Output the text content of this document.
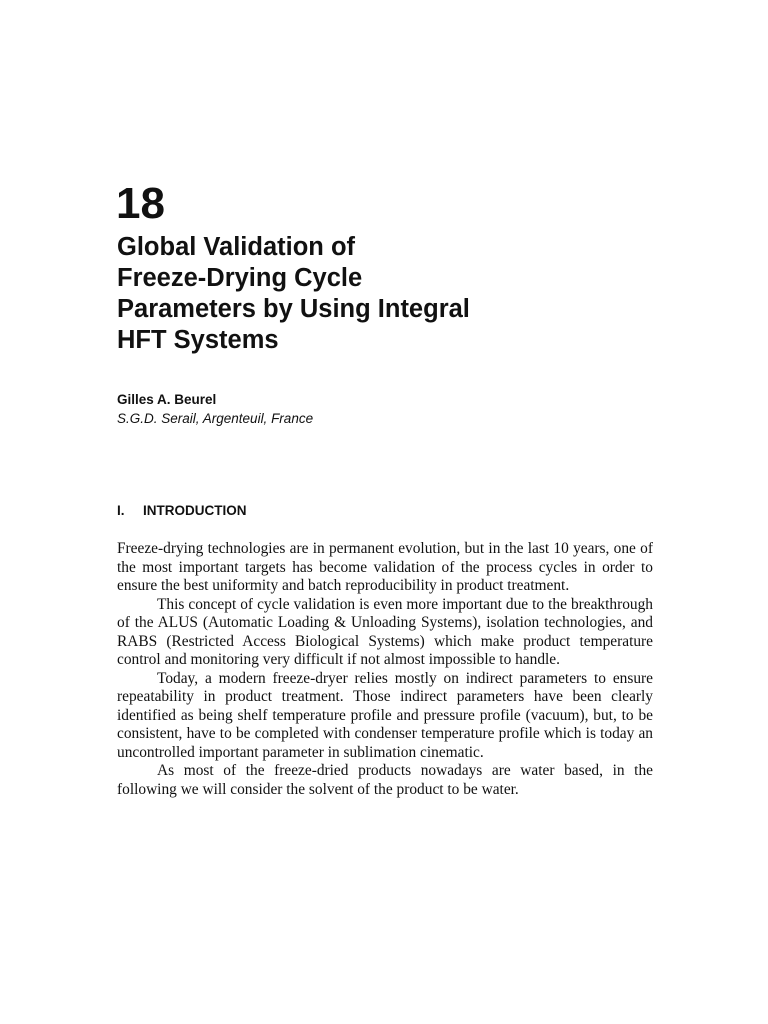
18
Global Validation of
Freeze-Drying Cycle
Parameters by Using Integral
HFT Systems

Gilles A. Beurel

S.G.D. Serail, Argenteuil, France

I. INTRODUCTION

Freeze-drying technologies are in permanent evolution, but in the last 10 years, one of the most important targets has become validation of the process cycles in order to ensure the best uniformity and batch reproducibility in product treatment.

This concept of cycle validation is even more important due to the breakthrough of the ALUS (Automatic Loading & Unloading Systems), isolation technologies, and RABS (Restricted Access Biological Systems) which make product temperature control and monitoring very difficult if not almost impossible to handle.

Today, a modern freeze-dryer relies mostly on indirect parameters to ensure repeatability in product treatment. Those indirect parameters have been clearly identified as being shelf temperature profile and pressure profile (vacuum), but, to be consistent, have to be completed with condenser temperature profile which is today an uncontrolled important parameter in sublimation cinematic.

As most of the freeze-dried products nowadays are water based, in the following we will consider the solvent of the product to be water.
